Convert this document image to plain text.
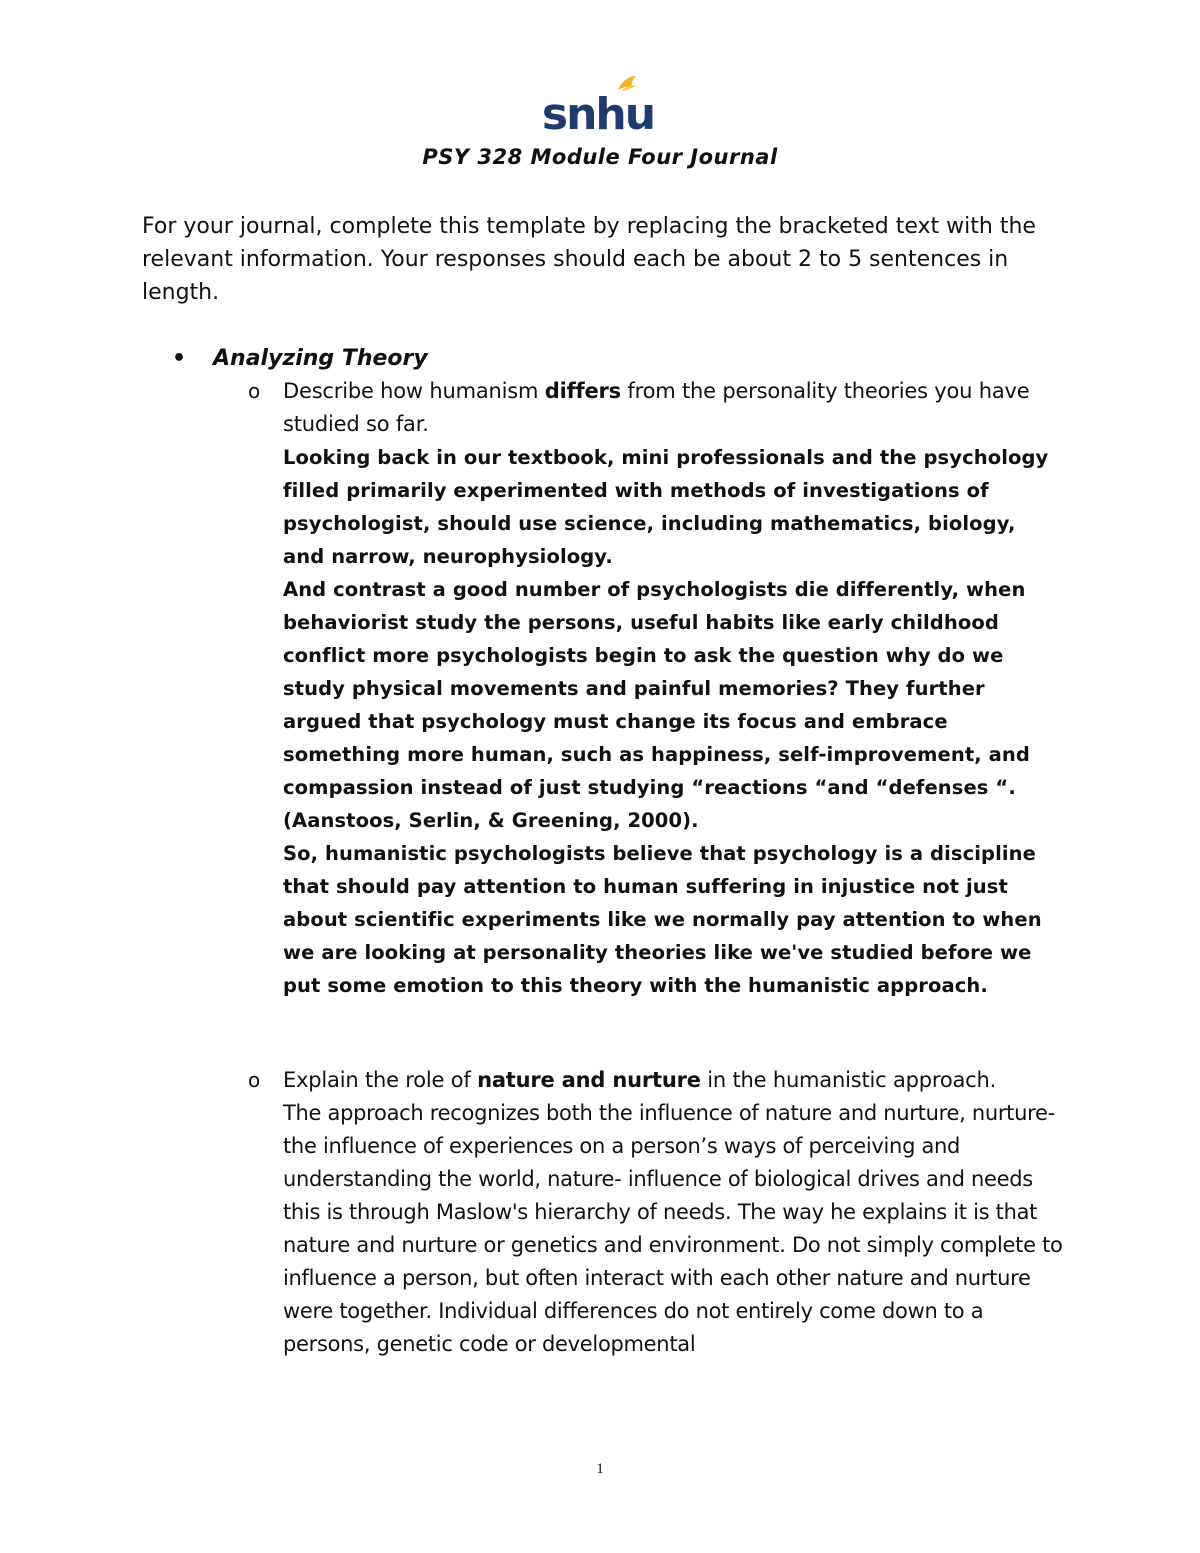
snhu
PSY 328 Module Four Journal

For your journal, complete this template by replacing the bracketed text with the relevant information. Your responses should each be about 2 to 5 sentences in length.

• Analyzing Theory
o Describe how humanism differs from the personality theories you have studied so far.

Looking back in our textbook, mini professionals and the psychology filled primarily experimented with methods of investigations of psychologist, should use science, including mathematics, biology, and narrow, neurophysiology.

And contrast a good number of psychologists die differently, when behaviorist study the persons, useful habits like early childhood conflict more psychologists begin to ask the question why do we study physical movements and painful memories? They further argued that psychology must change its focus and embrace something more human, such as happiness, self-improvement, and compassion instead of just studying “reactions “and “defenses “. (Aanstoos, Serlin, & Greening, 2000).

So, humanistic psychologists believe that psychology is a discipline that should pay attention to human suffering in injustice not just about scientific experiments like we normally pay attention to when we are looking at personality theories like we've studied before we put some emotion to this theory with the humanistic approach.

o Explain the role of nature and nurture in the humanistic approach.

The approach recognizes both the influence of nature and nurture, nurture- the influence of experiences on a person’s ways of perceiving and understanding the world, nature- influence of biological drives and needs this is through Maslow's hierarchy of needs. The way he explains it is that nature and nurture or genetics and environment. Do not simply complete to influence a person, but often interact with each other nature and nurture were together. Individual differences do not entirely come down to a persons, genetic code or developmental

1
